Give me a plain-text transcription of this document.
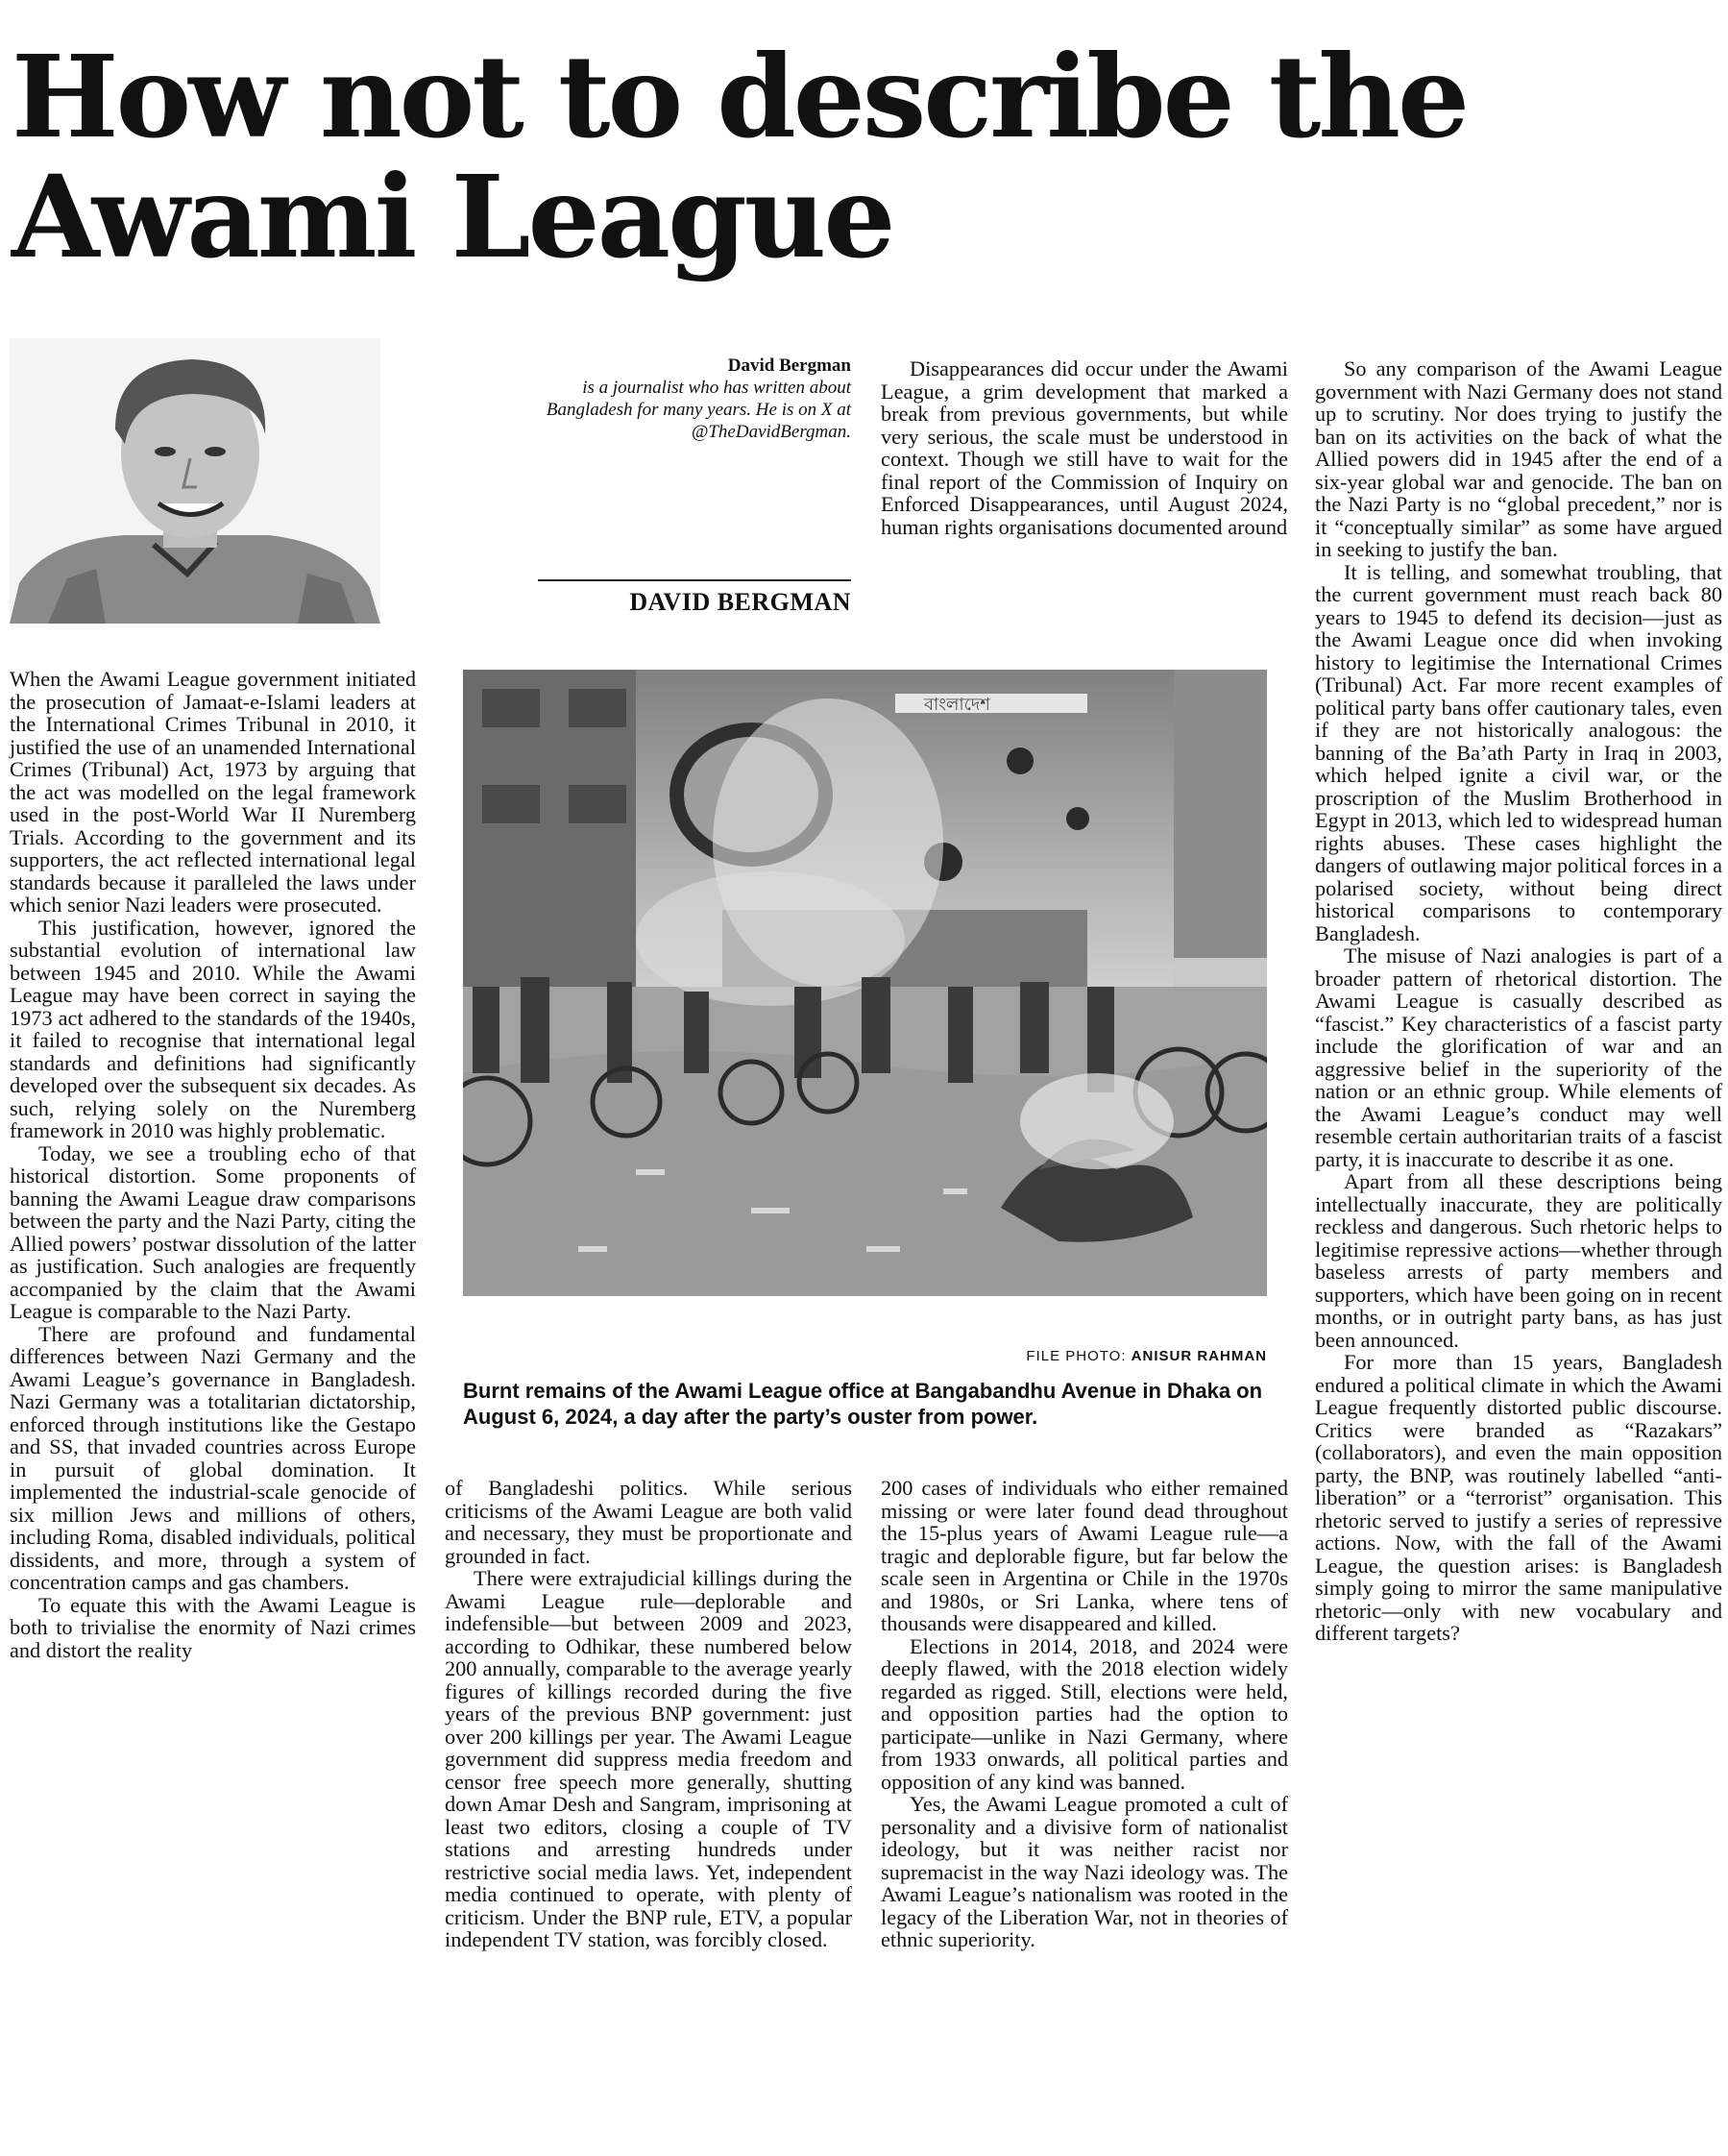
How not to describe the Awami League
David Bergman
is a journalist who has written about Bangladesh for many years. He is on X at @TheDavidBergman.
DAVID BERGMAN

When the Awami League government initiated the prosecution of Jamaat-e-Islami leaders at the International Crimes Tribunal in 2010, it justified the use of an unamended International Crimes (Tribunal) Act, 1973 by arguing that the act was modelled on the legal framework used in the post-World War II Nuremberg Trials. According to the government and its supporters, the act reflected international legal standards because it paralleled the laws under which senior Nazi leaders were prosecuted.

This justification, however, ignored the substantial evolution of international law between 1945 and 2010. While the Awami League may have been correct in saying the 1973 act adhered to the standards of the 1940s, it failed to recognise that international legal standards and definitions had significantly developed over the subsequent six decades. As such, relying solely on the Nuremberg framework in 2010 was highly problematic.

Today, we see a troubling echo of that historical distortion. Some proponents of banning the Awami League draw comparisons between the party and the Nazi Party, citing the Allied powers’ postwar dissolution of the latter as justification. Such analogies are frequently accompanied by the claim that the Awami League is comparable to the Nazi Party.

There are profound and fundamental differences between Nazi Germany and the Awami League’s governance in Bangladesh. Nazi Germany was a totalitarian dictatorship, enforced through institutions like the Gestapo and SS, that invaded countries across Europe in pursuit of global domination. It implemented the industrial-scale genocide of six million Jews and millions of others, including Roma, disabled individuals, political dissidents, and more, through a system of concentration camps and gas chambers.

To equate this with the Awami League is both to trivialise the enormity of Nazi crimes and distort the reality

Disappearances did occur under the Awami League, a grim development that marked a break from previous governments, but while very serious, the scale must be understood in context. Though we still have to wait for the final report of the Commission of Inquiry on Enforced Disappearances, until August 2024, human rights organisations documented around

So any comparison of the Awami League government with Nazi Germany does not stand up to scrutiny. Nor does trying to justify the ban on its activities on the back of what the Allied powers did in 1945 after the end of a six-year global war and genocide. The ban on the Nazi Party is no “global precedent,” nor is it “conceptually similar” as some have argued in seeking to justify the ban.

It is telling, and somewhat troubling, that the current government must reach back 80 years to 1945 to defend its decision—just as the Awami League once did when invoking history to legitimise the International Crimes (Tribunal) Act. Far more recent examples of political party bans offer cautionary tales, even if they are not historically analogous: the banning of the Ba’ath Party in Iraq in 2003, which helped ignite a civil war, or the proscription of the Muslim Brotherhood in Egypt in 2013, which led to widespread human rights abuses. These cases highlight the dangers of outlawing major political forces in a polarised society, without being direct historical comparisons to contemporary Bangladesh.

The misuse of Nazi analogies is part of a broader pattern of rhetorical distortion. The Awami League is casually described as “fascist.” Key characteristics of a fascist party include the glorification of war and an aggressive belief in the superiority of the nation or an ethnic group. While elements of the Awami League’s conduct may well resemble certain authoritarian traits of a fascist party, it is inaccurate to describe it as one.

Apart from all these descriptions being intellectually inaccurate, they are politically reckless and dangerous. Such rhetoric helps to legitimise repressive actions—whether through baseless arrests of party members and supporters, which have been going on in recent months, or in outright party bans, as has just been announced.

For more than 15 years, Bangladesh endured a political climate in which the Awami League frequently distorted public discourse. Critics were branded as “Razakars” (collaborators), and even the main opposition party, the BNP, was routinely labelled “anti-liberation” or a “terrorist” organisation. This rhetoric served to justify a series of repressive actions. Now, with the fall of the Awami League, the question arises: is Bangladesh simply going to mirror the same manipulative rhetoric—only with new vocabulary and different targets?

বাংলাদেশ
FILE PHOTO: ANISUR RAHMAN
Burnt remains of the Awami League office at Bangabandhu Avenue in Dhaka on August 6, 2024, a day after the party’s ouster from power.

of Bangladeshi politics. While serious criticisms of the Awami League are both valid and necessary, they must be proportionate and grounded in fact.

There were extrajudicial killings during the Awami League rule—deplorable and indefensible—but between 2009 and 2023, according to Odhikar, these numbered below 200 annually, comparable to the average yearly figures of killings recorded during the five years of the previous BNP government: just over 200 killings per year. The Awami League government did suppress media freedom and censor free speech more generally, shutting down Amar Desh and Sangram, imprisoning at least two editors, closing a couple of TV stations and arresting hundreds under restrictive social media laws. Yet, independent media continued to operate, with plenty of criticism. Under the BNP rule, ETV, a popular independent TV station, was forcibly closed.

200 cases of individuals who either remained missing or were later found dead throughout the 15-plus years of Awami League rule—a tragic and deplorable figure, but far below the scale seen in Argentina or Chile in the 1970s and 1980s, or Sri Lanka, where tens of thousands were disappeared and killed.

Elections in 2014, 2018, and 2024 were deeply flawed, with the 2018 election widely regarded as rigged. Still, elections were held, and opposition parties had the option to participate—unlike in Nazi Germany, where from 1933 onwards, all political parties and opposition of any kind was banned.

Yes, the Awami League promoted a cult of personality and a divisive form of nationalist ideology, but it was neither racist nor supremacist in the way Nazi ideology was. The Awami League’s nationalism was rooted in the legacy of the Liberation War, not in theories of ethnic superiority.
